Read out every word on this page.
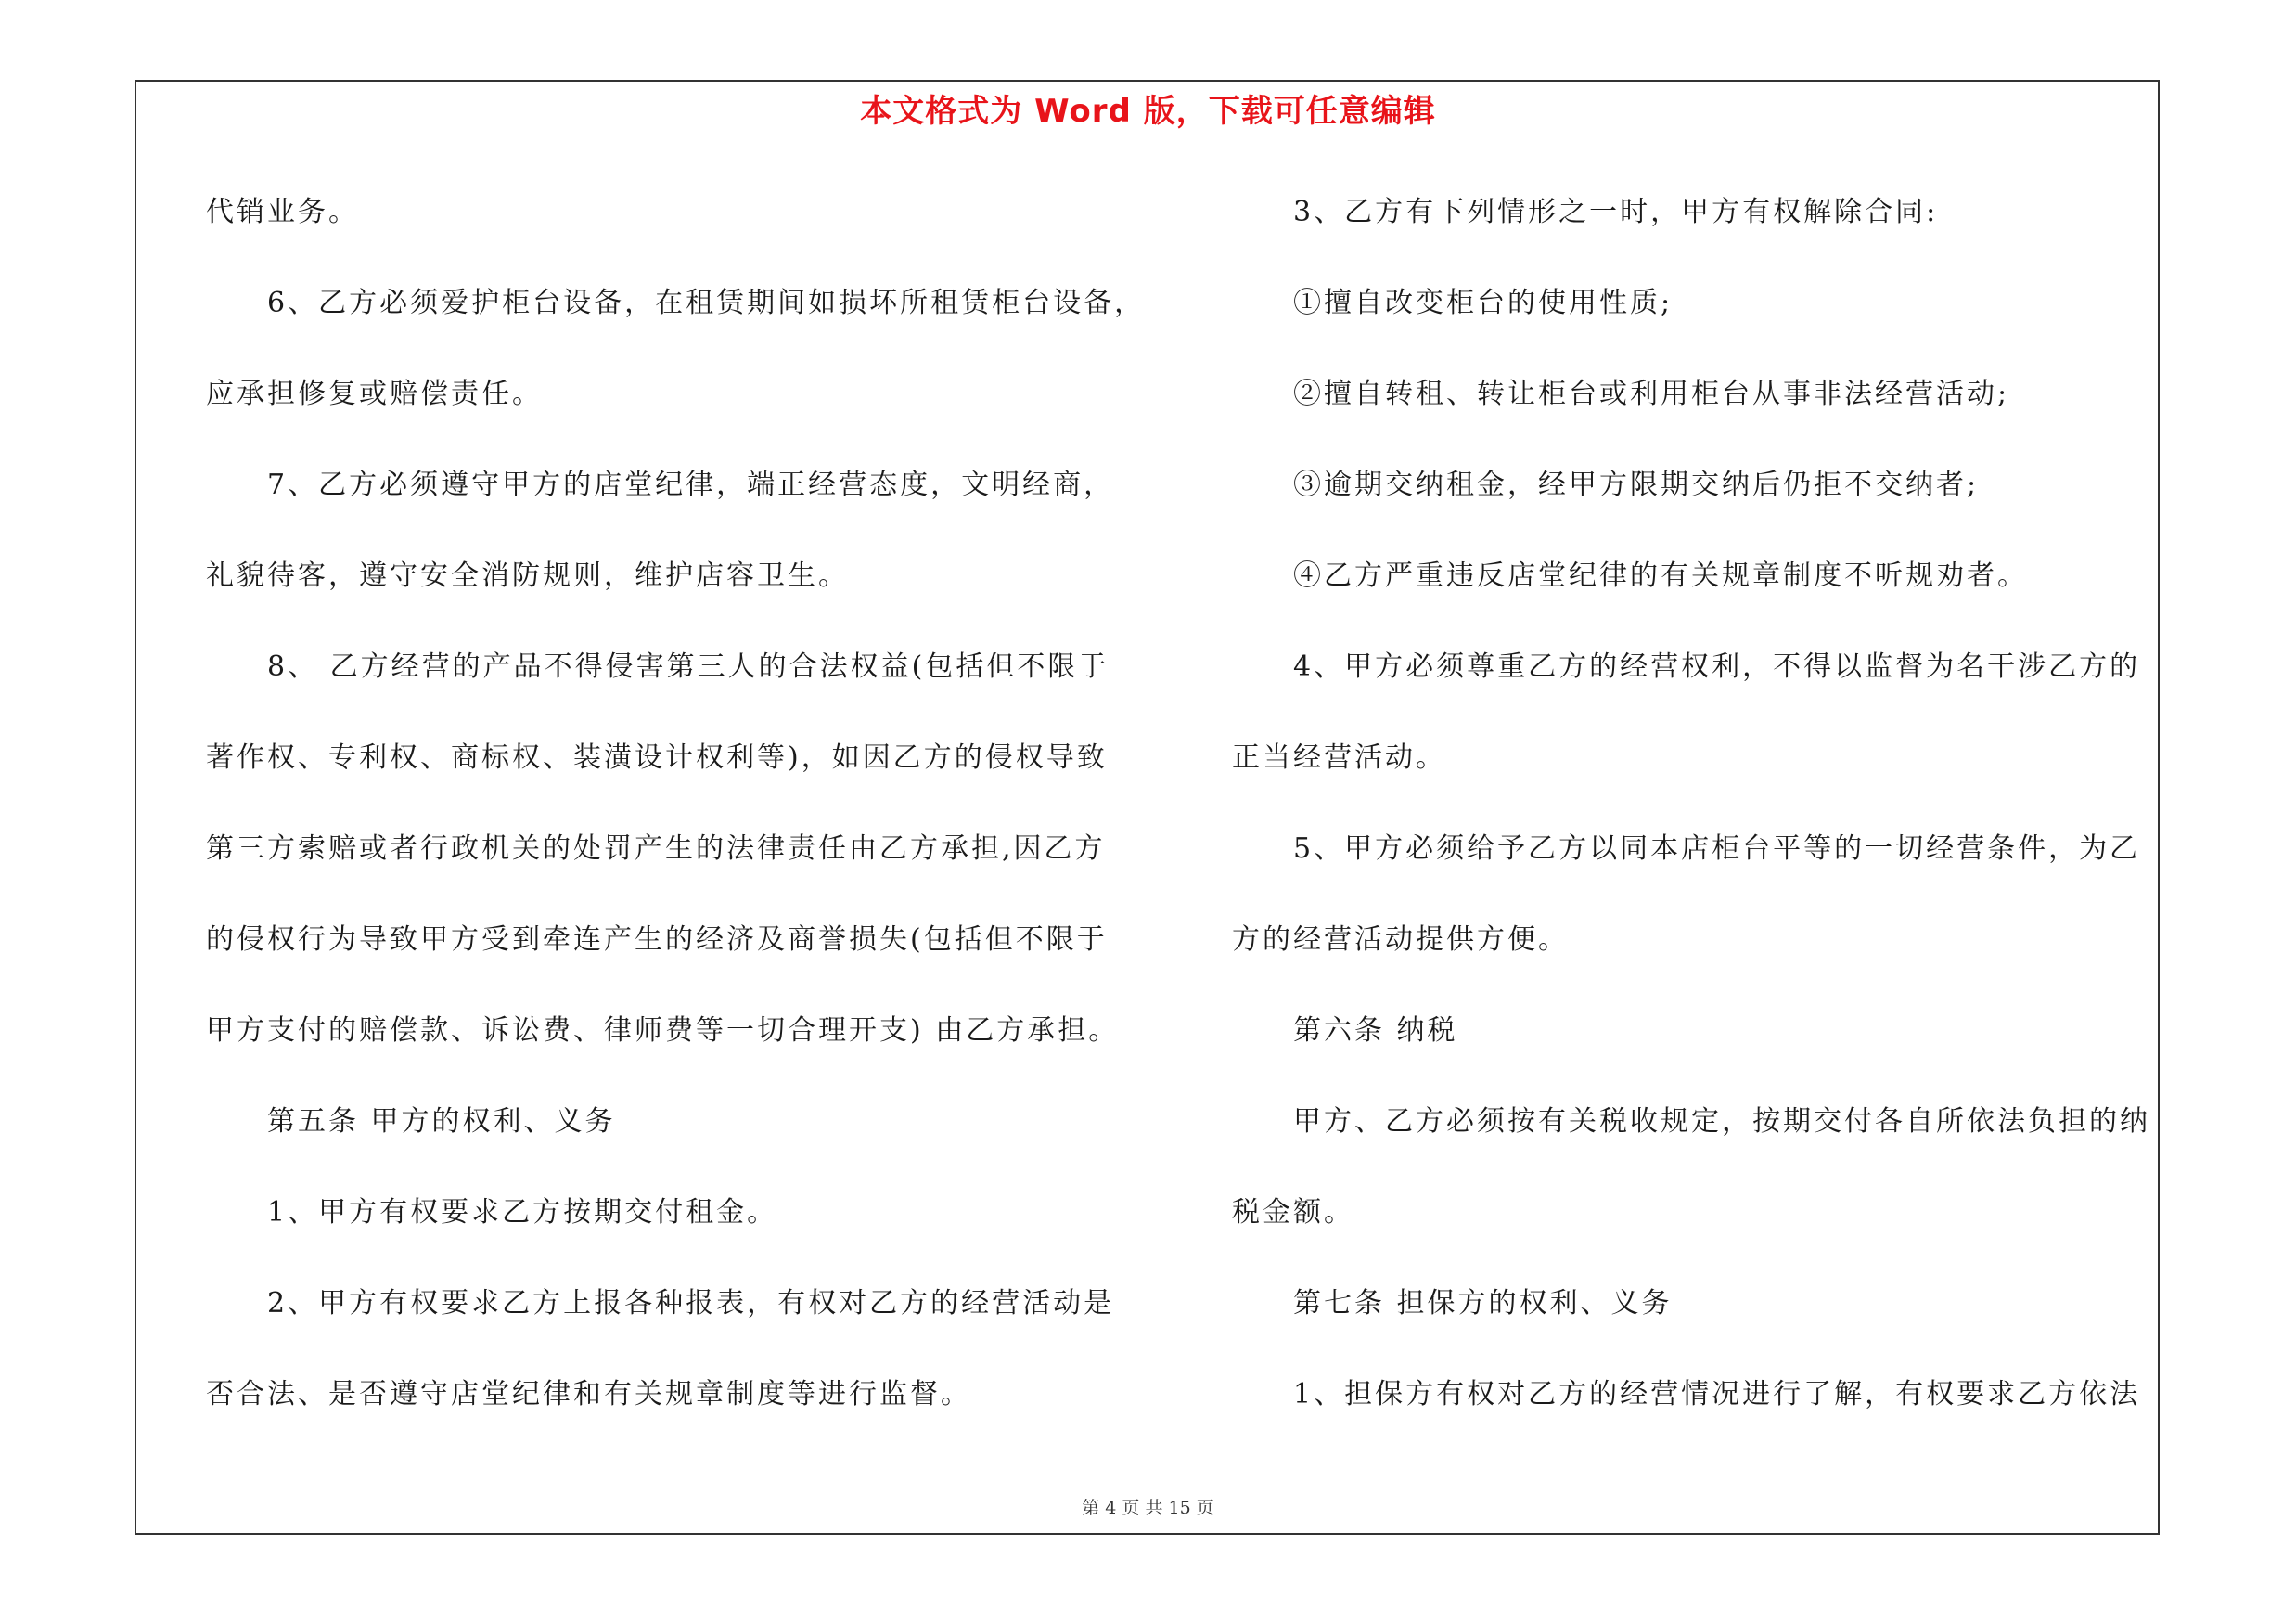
本文格式为 Word 版，下载可任意编辑
代销业务。
6、乙方必须爱护柜台设备，在租赁期间如损坏所租赁柜台设备，
应承担修复或赔偿责任。
7、乙方必须遵守甲方的店堂纪律，端正经营态度，文明经商，
礼貌待客，遵守安全消防规则，维护店容卫生。
8、 乙方经营的产品不得侵害第三人的合法权益(包括但不限于
著作权、专利权、商标权、装潢设计权利等)，如因乙方的侵权导致
第三方索赔或者行政机关的处罚产生的法律责任由乙方承担,因乙方
的侵权行为导致甲方受到牵连产生的经济及商誉损失(包括但不限于
甲方支付的赔偿款、诉讼费、律师费等一切合理开支) 由乙方承担。
第五条 甲方的权利、义务
1、甲方有权要求乙方按期交付租金。
2、甲方有权要求乙方上报各种报表，有权对乙方的经营活动是
否合法、是否遵守店堂纪律和有关规章制度等进行监督。
3、乙方有下列情形之一时，甲方有权解除合同:
①擅自改变柜台的使用性质;
②擅自转租、转让柜台或利用柜台从事非法经营活动;
③逾期交纳租金，经甲方限期交纳后仍拒不交纳者;
④乙方严重违反店堂纪律的有关规章制度不听规劝者。
4、甲方必须尊重乙方的经营权利，不得以监督为名干涉乙方的
正当经营活动。
5、甲方必须给予乙方以同本店柜台平等的一切经营条件，为乙
方的经营活动提供方便。
第六条 纳税
甲方、乙方必须按有关税收规定，按期交付各自所依法负担的纳
税金额。
第七条 担保方的权利、义务
1、担保方有权对乙方的经营情况进行了解，有权要求乙方依法
第 4 页 共 15 页
